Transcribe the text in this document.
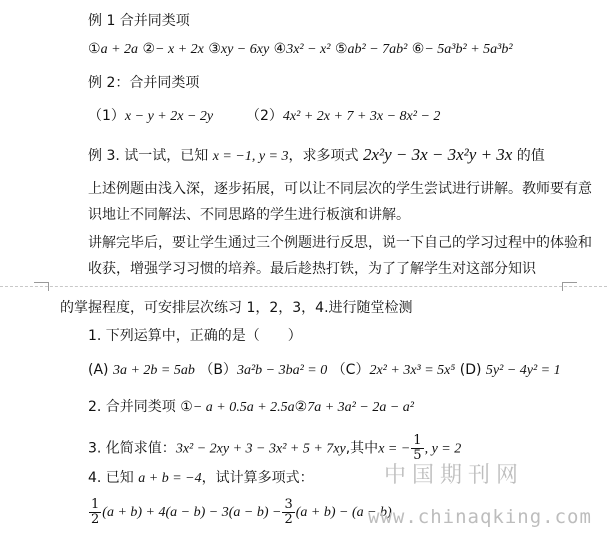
例 1 合并同类项
①a + 2a ②− x + 2x ③xy − 6xy ④3x² − x² ⑤ab² − 7ab² ⑥− 5a³b² + 5a³b²
例 2：合并同类项
（1）x − y + 2x − 2y （2）4x² + 2x + 7 + 3x − 8x² − 2
例 3. 试一试，已知 x = −1, y = 3，求多项式 2x²y − 3x − 3x²y + 3x 的值
上述例题由浅入深，逐步拓展，可以让不同层次的学生尝试进行讲解。教师要有意识地让不同解法、不同思路的学生进行板演和讲解。
讲解完毕后，要让学生通过三个例题进行反思，说一下自己的学习过程中的体验和收获，增强学习习惯的培养。最后趁热打铁，为了了解学生对这部分知识
的掌握程度，可安排层次练习 1，2，3，4.进行随堂检测
1. 下列运算中，正确的是（　　）
(A) 3a + 2b = 5ab （B）3a²b − 3ba² = 0 （C）2x² + 3x³ = 5x⁵ (D) 5y² − 4y² = 1
2. 合并同类项 ①− a + 0.5a + 2.5a②7a + 3a² − 2a − a²
3. 化简求值：3x² − 2xy + 3 − 3x² + 5 + 7xy,其中x = − $\frac{1}{5}$ , y = 2
4. 已知 a + b = −4，试计算多项式：
$\frac{1}{2} (a + b) + 4(a - b) - 3(a - b) - \frac{3}{2} (a + b) - (a - b)$
中国期刊网
www.chinaqking.com
